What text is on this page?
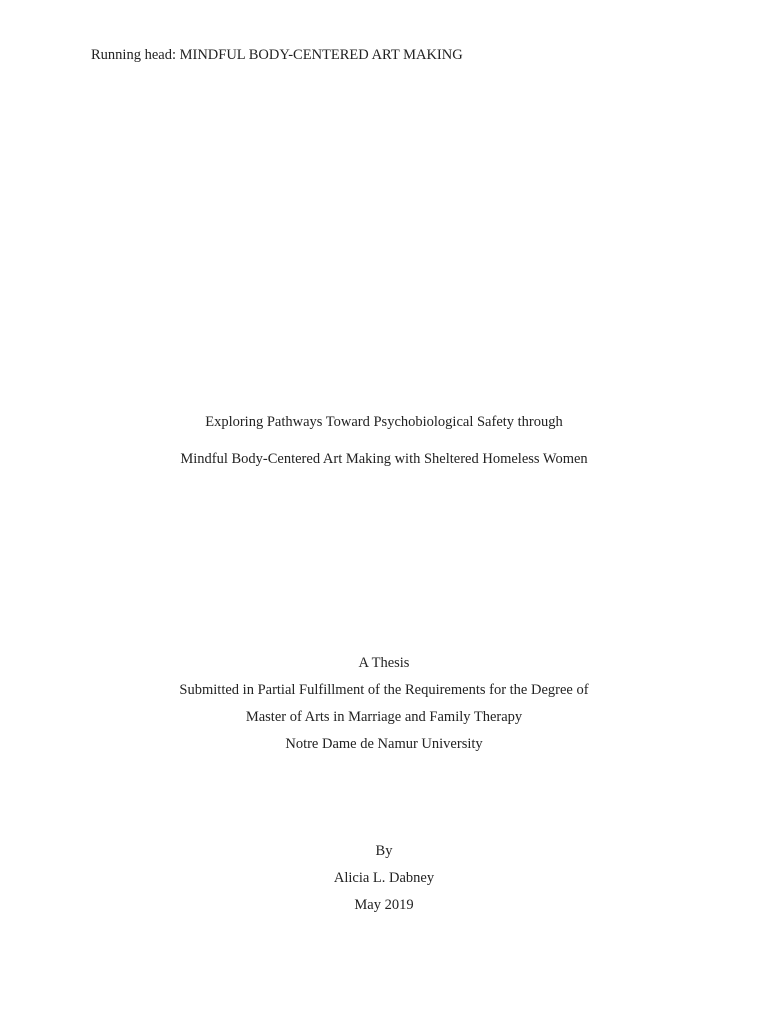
Running head: MINDFUL BODY-CENTERED ART MAKING
Exploring Pathways Toward Psychobiological Safety through
Mindful Body-Centered Art Making with Sheltered Homeless Women
A Thesis
Submitted in Partial Fulfillment of the Requirements for the Degree of
Master of Arts in Marriage and Family Therapy
Notre Dame de Namur University
By
Alicia L. Dabney
May 2019
